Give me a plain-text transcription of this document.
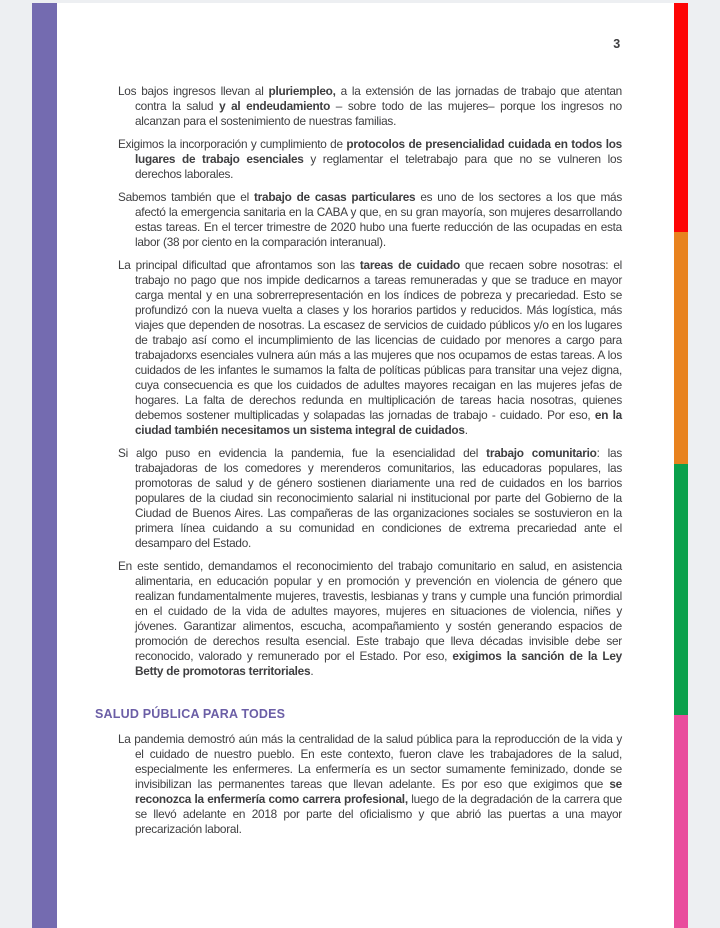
3

Los bajos ingresos llevan al pluriempleo, a la extensión de las jornadas de trabajo que atentan contra la salud y al endeudamiento – sobre todo de las mujeres– porque los ingresos no alcanzan para el sostenimiento de nuestras familias.

Exigimos la incorporación y cumplimiento de protocolos de presencialidad cuidada en todos los lugares de trabajo esenciales y reglamentar el teletrabajo para que no se vulneren los derechos laborales.

Sabemos también que el trabajo de casas particulares es uno de los sectores a los que más afectó la emergencia sanitaria en la CABA y que, en su gran mayoría, son mujeres desarrollando estas tareas. En el tercer trimestre de 2020 hubo una fuerte reducción de las ocupadas en esta labor (38 por ciento en la comparación interanual).

La principal dificultad que afrontamos son las tareas de cuidado que recaen sobre nosotras: el trabajo no pago que nos impide dedicarnos a tareas remuneradas y que se traduce en mayor carga mental y en una sobrerrepresentación en los índices de pobreza y precariedad. Esto se profundizó con la nueva vuelta a clases y los horarios partidos y reducidos. Más logística, más viajes que dependen de nosotras. La escasez de servicios de cuidado públicos y/o en los lugares de trabajo así como el incumplimiento de las licencias de cuidado por menores a cargo para trabajadorxs esenciales vulnera aún más a las mujeres que nos ocupamos de estas tareas. A los cuidados de les infantes le sumamos la falta de políticas públicas para transitar una vejez digna, cuya consecuencia es que los cuidados de adultes mayores recaigan en las mujeres jefas de hogares. La falta de derechos redunda en multiplicación de tareas hacia nosotras, quienes debemos sostener multiplicadas y solapadas las jornadas de trabajo - cuidado. Por eso, en la ciudad también necesitamos un sistema integral de cuidados.

Si algo puso en evidencia la pandemia, fue la esencialidad del trabajo comunitario: las trabajadoras de los comedores y merenderos comunitarios, las educadoras populares, las promotoras de salud y de género sostienen diariamente una red de cuidados en los barrios populares de la ciudad sin reconocimiento salarial ni institucional por parte del Gobierno de la Ciudad de Buenos Aires. Las compañeras de las organizaciones sociales se sostuvieron en la primera línea cuidando a su comunidad en condiciones de extrema precariedad ante el desamparo del Estado.

En este sentido, demandamos el reconocimiento del trabajo comunitario en salud, en asistencia alimentaria, en educación popular y en promoción y prevención en violencia de género que realizan fundamentalmente mujeres, travestis, lesbianas y trans y cumple una función primordial en el cuidado de la vida de adultes mayores, mujeres en situaciones de violencia, niñes y jóvenes. Garantizar alimentos, escucha, acompañamiento y sostén generando espacios de promoción de derechos resulta esencial. Este trabajo que lleva décadas invisible debe ser reconocido, valorado y remunerado por el Estado. Por eso, exigimos la sanción de la Ley Betty de promotoras territoriales.

SALUD PÚBLICA PARA TODES

La pandemia demostró aún más la centralidad de la salud pública para la reproducción de la vida y el cuidado de nuestro pueblo. En este contexto, fueron clave les trabajadores de la salud, especialmente les enfermeres. La enfermería es un sector sumamente feminizado, donde se invisibilizan las permanentes tareas que llevan adelante. Es por eso que exigimos que se reconozca la enfermería como carrera profesional, luego de la degradación de la carrera que se llevó adelante en 2018 por parte del oficialismo y que abrió las puertas a una mayor precarización laboral.
